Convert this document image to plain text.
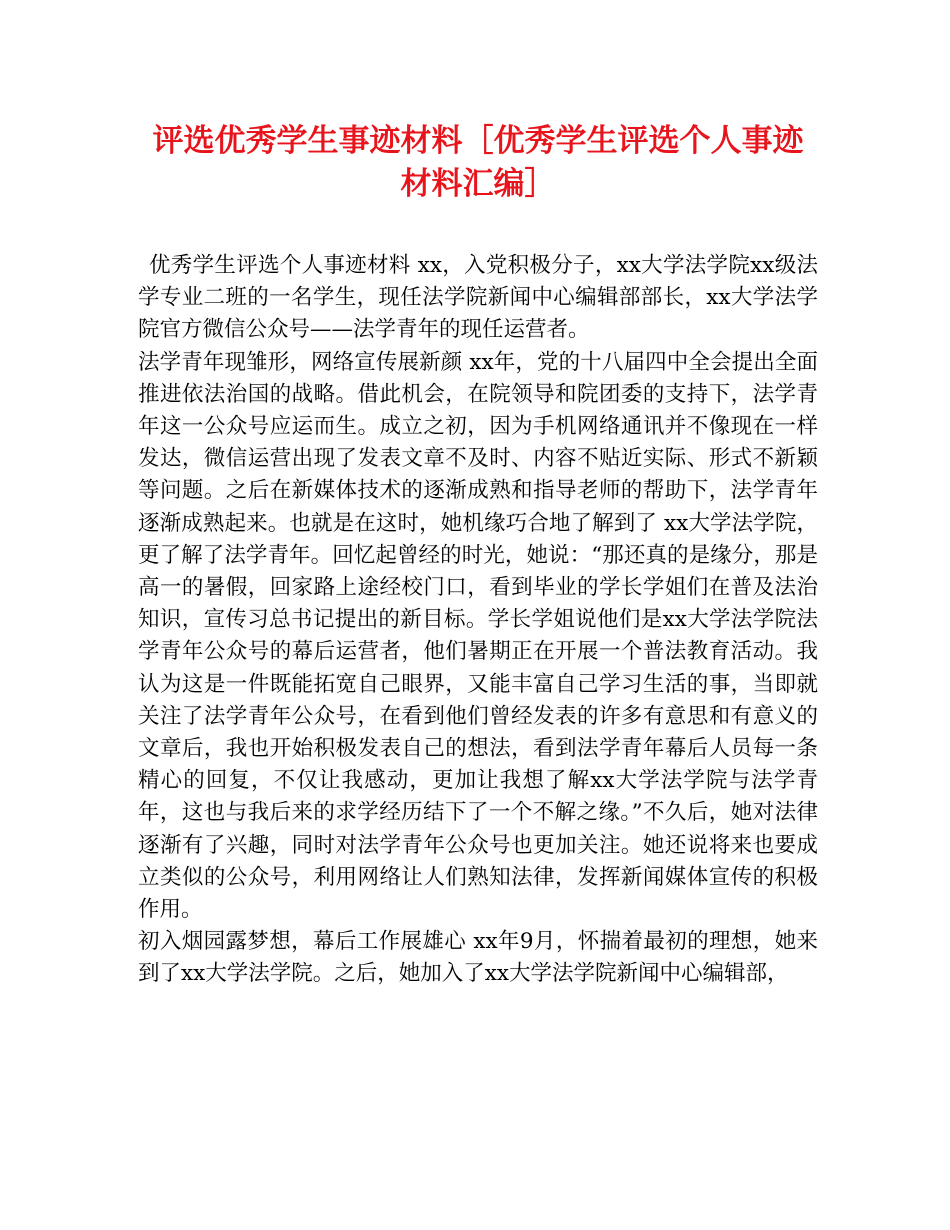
评选优秀学生事迹材料［优秀学生评选个人事迹材料汇编］

优秀学生评选个人事迹材料 xx，入党积极分子，xx大学法学院xx级法学专业二班的一名学生，现任法学院新闻中心编辑部部长，xx大学法学院官方微信公众号——法学青年的现任运营者。

法学青年现雏形，网络宣传展新颜 xx年，党的十八届四中全会提出全面推进依法治国的战略。借此机会，在院领导和院团委的支持下，法学青年这一公众号应运而生。成立之初，因为手机网络通讯并不像现在一样发达，微信运营出现了发表文章不及时、内容不贴近实际、形式不新颖等问题。之后在新媒体技术的逐渐成熟和指导老师的帮助下，法学青年逐渐成熟起来。也就是在这时，她机缘巧合地了解到了 xx大学法学院，更了解了法学青年。回忆起曾经的时光，她说：“那还真的是缘分，那是高一的暑假，回家路上途经校门口，看到毕业的学长学姐们在普及法治知识，宣传习总书记提出的新目标。学长学姐说他们是xx大学法学院法学青年公众号的幕后运营者，他们暑期正在开展一个普法教育活动。我认为这是一件既能拓宽自己眼界，又能丰富自己学习生活的事，当即就关注了法学青年公众号，在看到他们曾经发表的许多有意思和有意义的文章后，我也开始积极发表自己的想法，看到法学青年幕后人员每一条精心的回复，不仅让我感动，更加让我想了解xx大学法学院与法学青年，这也与我后来的求学经历结下了一个不解之缘。”不久后，她对法律逐渐有了兴趣，同时对法学青年公众号也更加关注。她还说将来也要成立类似的公众号，利用网络让人们熟知法律，发挥新闻媒体宣传的积极作用。

初入烟园露梦想，幕后工作展雄心 xx年9月，怀揣着最初的理想，她来到了xx大学法学院。之后，她加入了xx大学法学院新闻中心编辑部，
